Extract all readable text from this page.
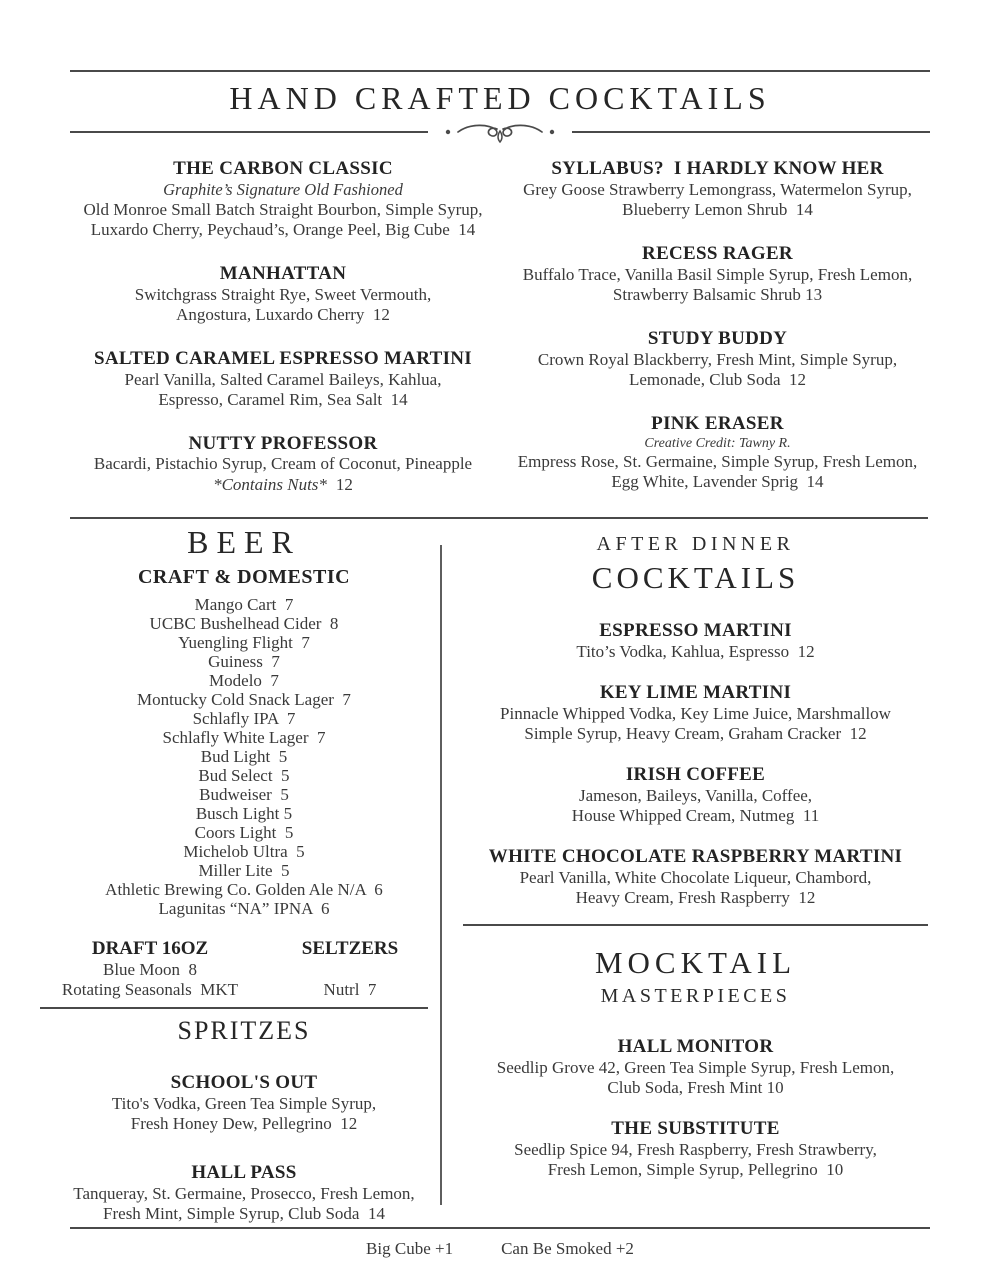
HAND CRAFTED COCKTAILS
THE CARBON CLASSIC
Graphite’s Signature Old Fashioned
Old Monroe Small Batch Straight Bourbon, Simple Syrup,
Luxardo Cherry, Peychaud’s, Orange Peel, Big Cube  14
MANHATTAN
Switchgrass Straight Rye, Sweet Vermouth,
Angostura, Luxardo Cherry  12
SALTED CARAMEL ESPRESSO MARTINI
Pearl Vanilla, Salted Caramel Baileys, Kahlua,
Espresso, Caramel Rim, Sea Salt  14
NUTTY PROFESSOR
Bacardi, Pistachio Syrup, Cream of Coconut, Pineapple
*Contains Nuts* 12
SYLLABUS?  I HARDLY KNOW HER
Grey Goose Strawberry Lemongrass, Watermelon Syrup,
Blueberry Lemon Shrub  14
RECESS RAGER
Buffalo Trace, Vanilla Basil Simple Syrup, Fresh Lemon,
Strawberry Balsamic Shrub 13
STUDY BUDDY
Crown Royal Blackberry, Fresh Mint, Simple Syrup,
Lemonade, Club Soda  12
PINK ERASER
Creative Credit: Tawny R.
Empress Rose, St. Germaine, Simple Syrup, Fresh Lemon,
Egg White, Lavender Sprig  14
BEER
CRAFT & DOMESTIC
Mango Cart  7
UCBC Bushelhead Cider  8
Yuengling Flight  7
Guiness  7
Modelo  7
Montucky Cold Snack Lager  7
Schlafly IPA  7
Schlafly White Lager  7
Bud Light  5
Bud Select  5
Budweiser  5
Busch Light 5
Coors Light  5
Michelob Ultra  5
Miller Lite  5
Athletic Brewing Co. Golden Ale N/A  6
Lagunitas “NA” IPNA  6
DRAFT 16OZ
Blue Moon  8
Rotating Seasonals  MKT
SELTZERS
Nutrl  7
SPRITZES
SCHOOL'S OUT
Tito's Vodka, Green Tea Simple Syrup,
Fresh Honey Dew, Pellegrino  12
HALL PASS
Tanqueray, St. Germaine, Prosecco, Fresh Lemon,
Fresh Mint, Simple Syrup, Club Soda  14
AFTER DINNER
COCKTAILS
ESPRESSO MARTINI
Tito’s Vodka, Kahlua, Espresso  12
KEY LIME MARTINI
Pinnacle Whipped Vodka, Key Lime Juice, Marshmallow
Simple Syrup, Heavy Cream, Graham Cracker  12
IRISH COFFEE
Jameson, Baileys, Vanilla, Coffee,
House Whipped Cream, Nutmeg  11
WHITE CHOCOLATE RASPBERRY MARTINI
Pearl Vanilla, White Chocolate Liqueur, Chambord,
Heavy Cream, Fresh Raspberry  12
MOCKTAIL
MASTERPIECES
HALL MONITOR
Seedlip Grove 42, Green Tea Simple Syrup, Fresh Lemon,
Club Soda, Fresh Mint 10
THE SUBSTITUTE
Seedlip Spice 94, Fresh Raspberry, Fresh Strawberry,
Fresh Lemon, Simple Syrup, Pellegrino  10
Big Cube +1	Can Be Smoked +2
